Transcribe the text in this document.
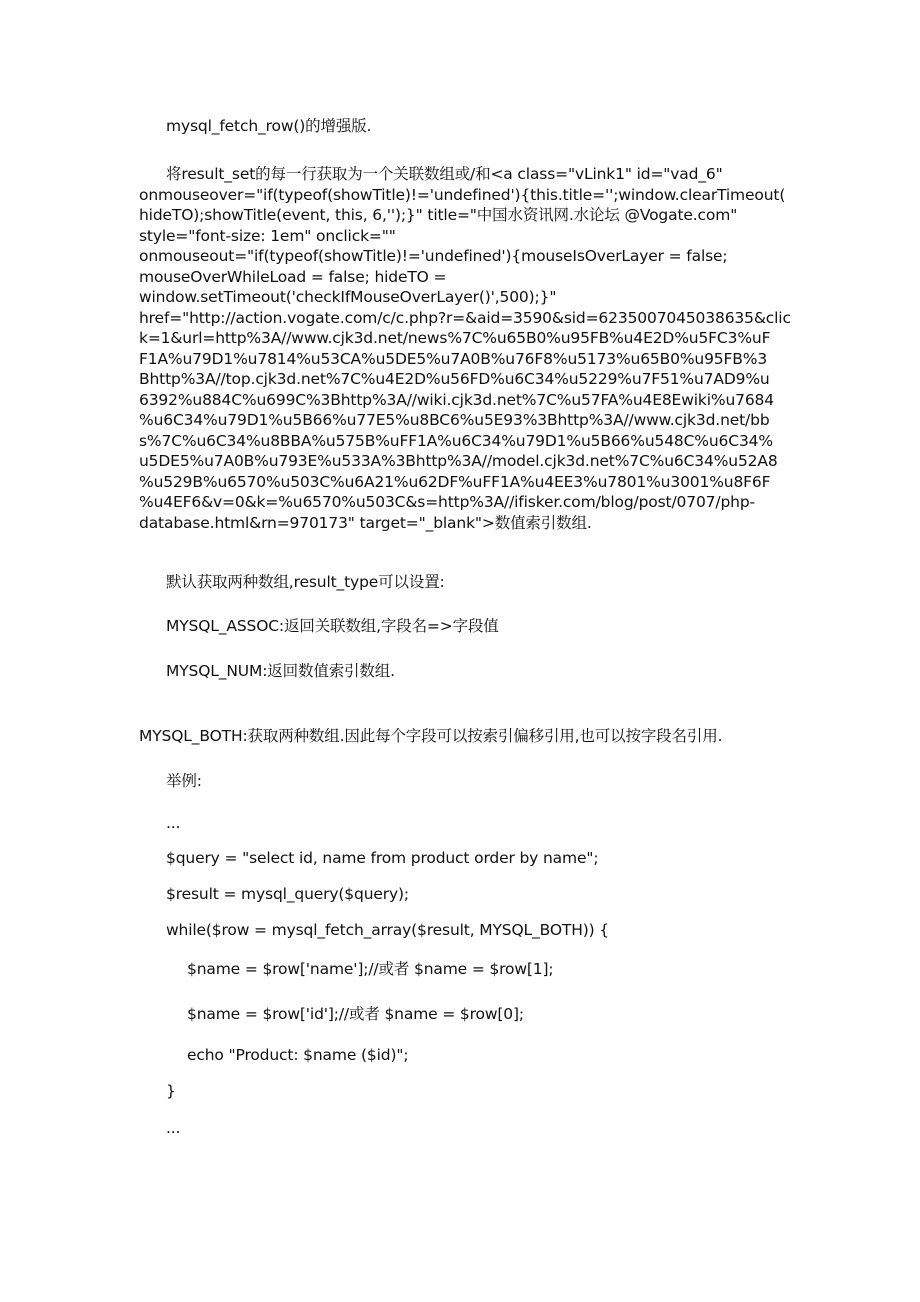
mysql_fetch_row()的增强版.

将result_set的每一行获取为一个关联数组或/和<a class="vLink1" id="vad_6"
onmouseover="if(typeof(showTitle)!='undefined'){this.title='';window.clearTimeout(
hideTO);showTitle(event, this, 6,'');}" title="中国水资讯网.水论坛 @Vogate.com"
style="font-size: 1em" onclick=""
onmouseout="if(typeof(showTitle)!='undefined'){mouseIsOverLayer = false;
mouseOverWhileLoad = false; hideTO =
window.setTimeout('checkIfMouseOverLayer()',500);}"
href="http://action.vogate.com/c/c.php?r=&aid=3590&sid=6235007045038635&clic
k=1&url=http%3A//www.cjk3d.net/news%7C%u65B0%u95FB%u4E2D%u5FC3%uF
F1A%u79D1%u7814%u53CA%u5DE5%u7A0B%u76F8%u5173%u65B0%u95FB%3
Bhttp%3A//top.cjk3d.net%7C%u4E2D%u56FD%u6C34%u5229%u7F51%u7AD9%u
6392%u884C%u699C%3Bhttp%3A//wiki.cjk3d.net%7C%u57FA%u4E8Ewiki%u7684
%u6C34%u79D1%u5B66%u77E5%u8BC6%u5E93%3Bhttp%3A//www.cjk3d.net/bb
s%7C%u6C34%u8BBA%u575B%uFF1A%u6C34%u79D1%u5B66%u548C%u6C34%
u5DE5%u7A0B%u793E%u533A%3Bhttp%3A//model.cjk3d.net%7C%u6C34%u52A8
%u529B%u6570%u503C%u6A21%u62DF%uFF1A%u4EE3%u7801%u3001%u8F6F
%u4EF6&v=0&k=%u6570%u503C&s=http%3A//ifisker.com/blog/post/0707/php-
database.html&rn=970173" target="_blank">数值索引数组.

默认获取两种数组,result_type可以设置:

MYSQL_ASSOC:返回关联数组,字段名=>字段值

MYSQL_NUM:返回数值索引数组.

MYSQL_BOTH:获取两种数组.因此每个字段可以按索引偏移引用,也可以按字段名引用.

举例:

...

$query = "select id, name from product order by name";

$result = mysql_query($query);

while($row = mysql_fetch_array($result, MYSQL_BOTH)) {

$name = $row['name'];//或者 $name = $row[1];

$name = $row['id'];//或者 $name = $row[0];

echo "Product: $name ($id)";

}

...
